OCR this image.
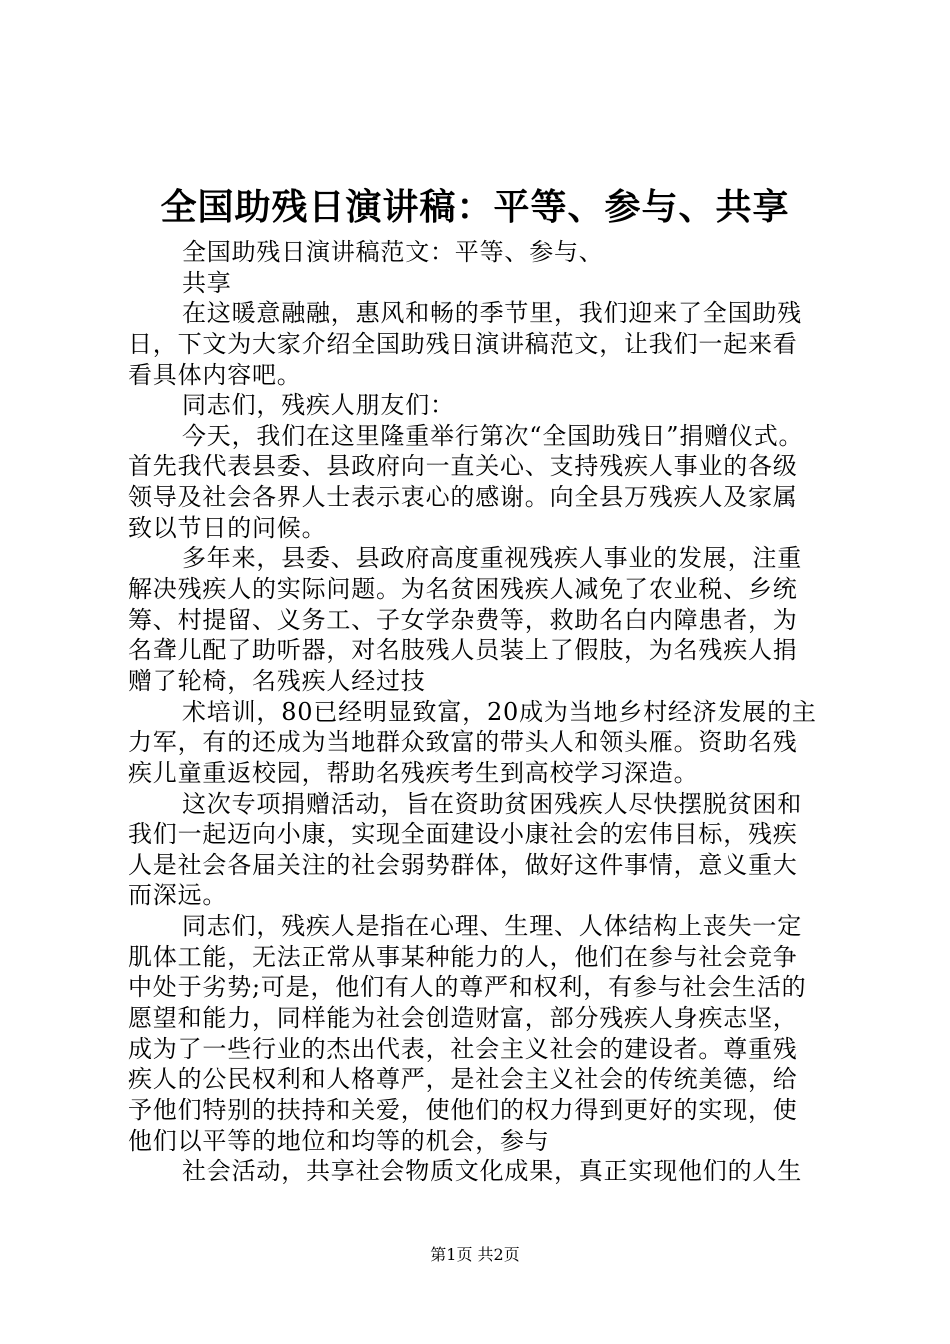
全国助残日演讲稿：平等、参与、共享
全国助残日演讲稿范文：平等、参与、
共享
在这暖意融融，惠风和畅的季节里，我们迎来了全国助残
日，下文为大家介绍全国助残日演讲稿范文，让我们一起来看
看具体内容吧。
同志们，残疾人朋友们：
今天，我们在这里隆重举行第次“全国助残日”捐赠仪式。
首先我代表县委、县政府向一直关心、支持残疾人事业的各级
领导及社会各界人士表示衷心的感谢。向全县万残疾人及家属
致以节日的问候。
多年来，县委、县政府高度重视残疾人事业的发展，注重
解决残疾人的实际问题。为名贫困残疾人减免了农业税、乡统
筹、村提留、义务工、子女学杂费等，救助名白内障患者，为
名聋儿配了助听器，对名肢残人员装上了假肢，为名残疾人捐
赠了轮椅，名残疾人经过技
术培训，80已经明显致富，20成为当地乡村经济发展的主
力军，有的还成为当地群众致富的带头人和领头雁。资助名残
疾儿童重返校园，帮助名残疾考生到高校学习深造。
这次专项捐赠活动，旨在资助贫困残疾人尽快摆脱贫困和
我们一起迈向小康，实现全面建设小康社会的宏伟目标，残疾
人是社会各届关注的社会弱势群体，做好这件事情，意义重大
而深远。
同志们，残疾人是指在心理、生理、人体结构上丧失一定
肌体工能，无法正常从事某种能力的人，他们在参与社会竞争
中处于劣势;可是，他们有人的尊严和权利，有参与社会生活的
愿望和能力，同样能为社会创造财富，部分残疾人身疾志坚，
成为了一些行业的杰出代表，社会主义社会的建设者。尊重残
疾人的公民权利和人格尊严，是社会主义社会的传统美德，给
予他们特别的扶持和关爱，使他们的权力得到更好的实现，使
他们以平等的地位和均等的机会，参与
社会活动，共享社会物质文化成果，真正实现他们的人生
第1页 共2页
